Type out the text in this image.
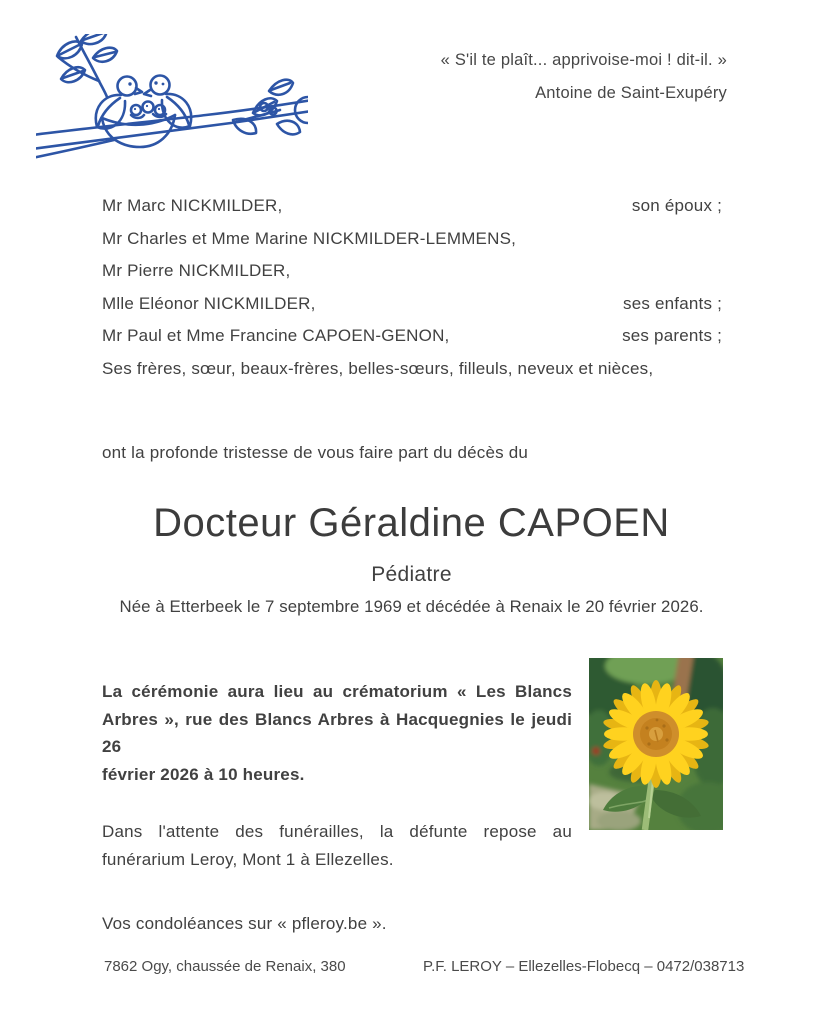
« S'il te plaît... apprivoise-moi ! dit-il. »
Antoine de Saint-Exupéry
Mr Marc NICKMILDER,	son époux ;
Mr Charles et Mme Marine NICKMILDER-LEMMENS,
Mr Pierre NICKMILDER,
Mlle Eléonor NICKMILDER,	ses enfants ;
Mr Paul et Mme Francine CAPOEN-GENON,	ses parents ;
Ses frères, sœur, beaux-frères, belles-sœurs, filleuls, neveux et nièces,
ont la profonde tristesse de vous faire part du décès du
Docteur Géraldine CAPOEN
Pédiatre
Née à Etterbeek le 7 septembre 1969 et décédée à Renaix le 20 février 2026.

La cérémonie aura lieu au crématorium « Les Blancs
Arbres », rue des Blancs Arbres à Hacquegnies le jeudi 26
février 2026 à 10 heures.

Dans l'attente des funérailles, la défunte repose au
funérarium Leroy, Mont 1 à Ellezelles.

Vos condoléances sur « pfleroy.be ».

7862 Ogy, chaussée de Renaix, 380	P.F. LEROY – Ellezelles-Flobecq – 0472/038713
